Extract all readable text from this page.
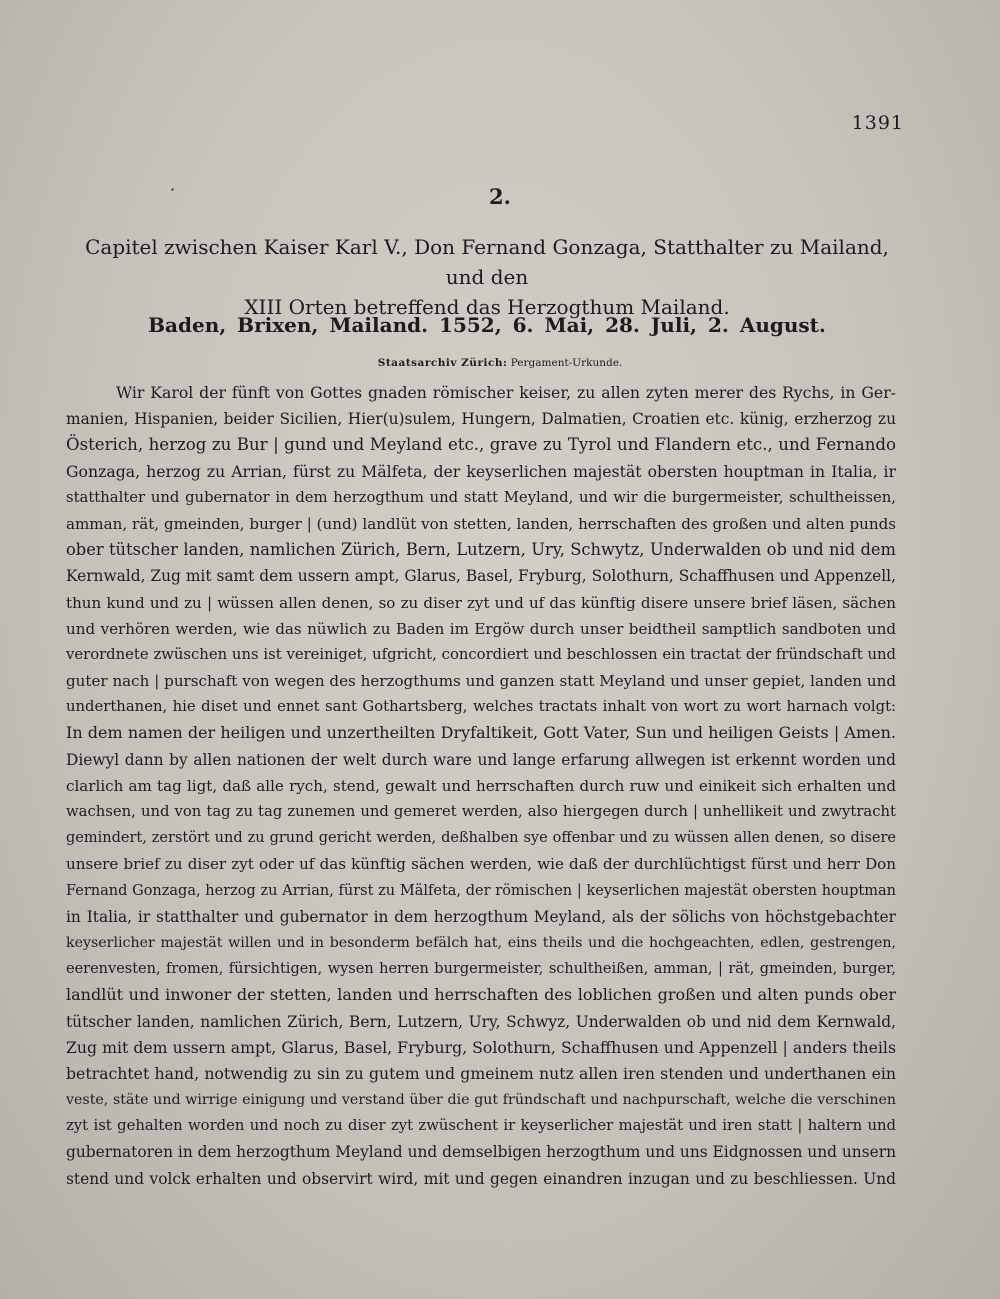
1391
·	2.
Capitel zwischen Kaiser Karl V., Don Fernand Gonzaga, Statthalter zu Mailand, und den
XIII Orten betreffend das Herzogthum Mailand.
Baden, Brixen, Mailand. 1552, 6. Mai, 28. Juli, 2. August.
Staatsarchiv Zürich: Pergament-Urkunde.
Wir Karol der fünft von Gottes gnaden römischer keiser, zu allen zyten merer des Rychs, in Ger-
manien, Hispanien, beider Sicilien, Hier(u)sulem, Hungern, Dalmatien, Croatien etc. künig, erzherzog zu
Österich, herzog zu Bur | gund und Meyland etc., grave zu Tyrol und Flandern etc., und Fernando
Gonzaga, herzog zu Arrian, fürst zu Mälfeta, der keyserlichen majestät obersten houptman in Italia, ir
statthalter und gubernator in dem herzogthum und statt Meyland, und wir die burgermeister, schultheissen,
amman, rät, gmeinden, burger | (und) landlüt von stetten, landen, herrschaften des großen und alten punds
ober tütscher landen, namlichen Zürich, Bern, Lutzern, Ury, Schwytz, Underwalden ob und nid dem
Kernwald, Zug mit samt dem ussern ampt, Glarus, Basel, Fryburg, Solothurn, Schaffhusen und Appenzell,
thun kund und zu | wüssen allen denen, so zu diser zyt und uf das künftig disere unsere brief läsen, sächen
und verhören werden, wie das nüwlich zu Baden im Ergöw durch unser beidtheil samptlich sandboten und
verordnete zwüschen uns ist vereiniget, ufgricht, concordiert und beschlossen ein tractat der fründschaft und
guter nach | purschaft von wegen des herzogthums und ganzen statt Meyland und unser gepiet, landen und
underthanen, hie diset und ennet sant Gothartsberg, welches tractats inhalt von wort zu wort harnach volgt:
In dem namen der heiligen und unzertheilten Dryfaltikeit, Gott Vater, Sun und heiligen Geists | Amen.
Diewyl dann by allen nationen der welt durch ware und lange erfarung allwegen ist erkennt worden und
clarlich am tag ligt, daß alle rych, stend, gewalt und herrschaften durch ruw und einikeit sich erhalten und
wachsen, und von tag zu tag zunemen und gemeret werden, also hiergegen durch | unhellikeit und zwytracht
gemindert, zerstört und zu grund gericht werden, deßhalben sye offenbar und zu wüssen allen denen, so disere
unsere brief zu diser zyt oder uf das künftig sächen werden, wie daß der durchlüchtigst fürst und herr Don
Fernand Gonzaga, herzog zu Arrian, fürst zu Mälfeta, der römischen | keyserlichen majestät obersten houptman
in Italia, ir statthalter und gubernator in dem herzogthum Meyland, als der sölichs von höchstgebachter
keyserlicher majestät willen und in besonderm befälch hat, eins theils und die hochgeachten, edlen, gestrengen,
eerenvesten, fromen, fürsichtigen, wysen herren burgermeister, schultheißen, amman, | rät, gmeinden, burger,
landlüt und inwoner der stetten, landen und herrschaften des loblichen großen und alten punds ober
tütscher landen, namlichen Zürich, Bern, Lutzern, Ury, Schwyz, Underwalden ob und nid dem Kernwald,
Zug mit dem ussern ampt, Glarus, Basel, Fryburg, Solothurn, Schaffhusen und Appenzell | anders theils
betrachtet hand, notwendig zu sin zu gutem und gmeinem nutz allen iren stenden und underthanen ein
veste, stäte und wirrige einigung und verstand über die gut fründschaft und nachpurschaft, welche die verschinen
zyt ist gehalten worden und noch zu diser zyt zwüschent ir keyserlicher majestät und iren statt | haltern und
gubernatoren in dem herzogthum Meyland und demselbigen herzogthum und uns Eidgnossen und unsern
stend und volck erhalten und observirt wird, mit und gegen einandren inzugan und zu beschliessen. Und
